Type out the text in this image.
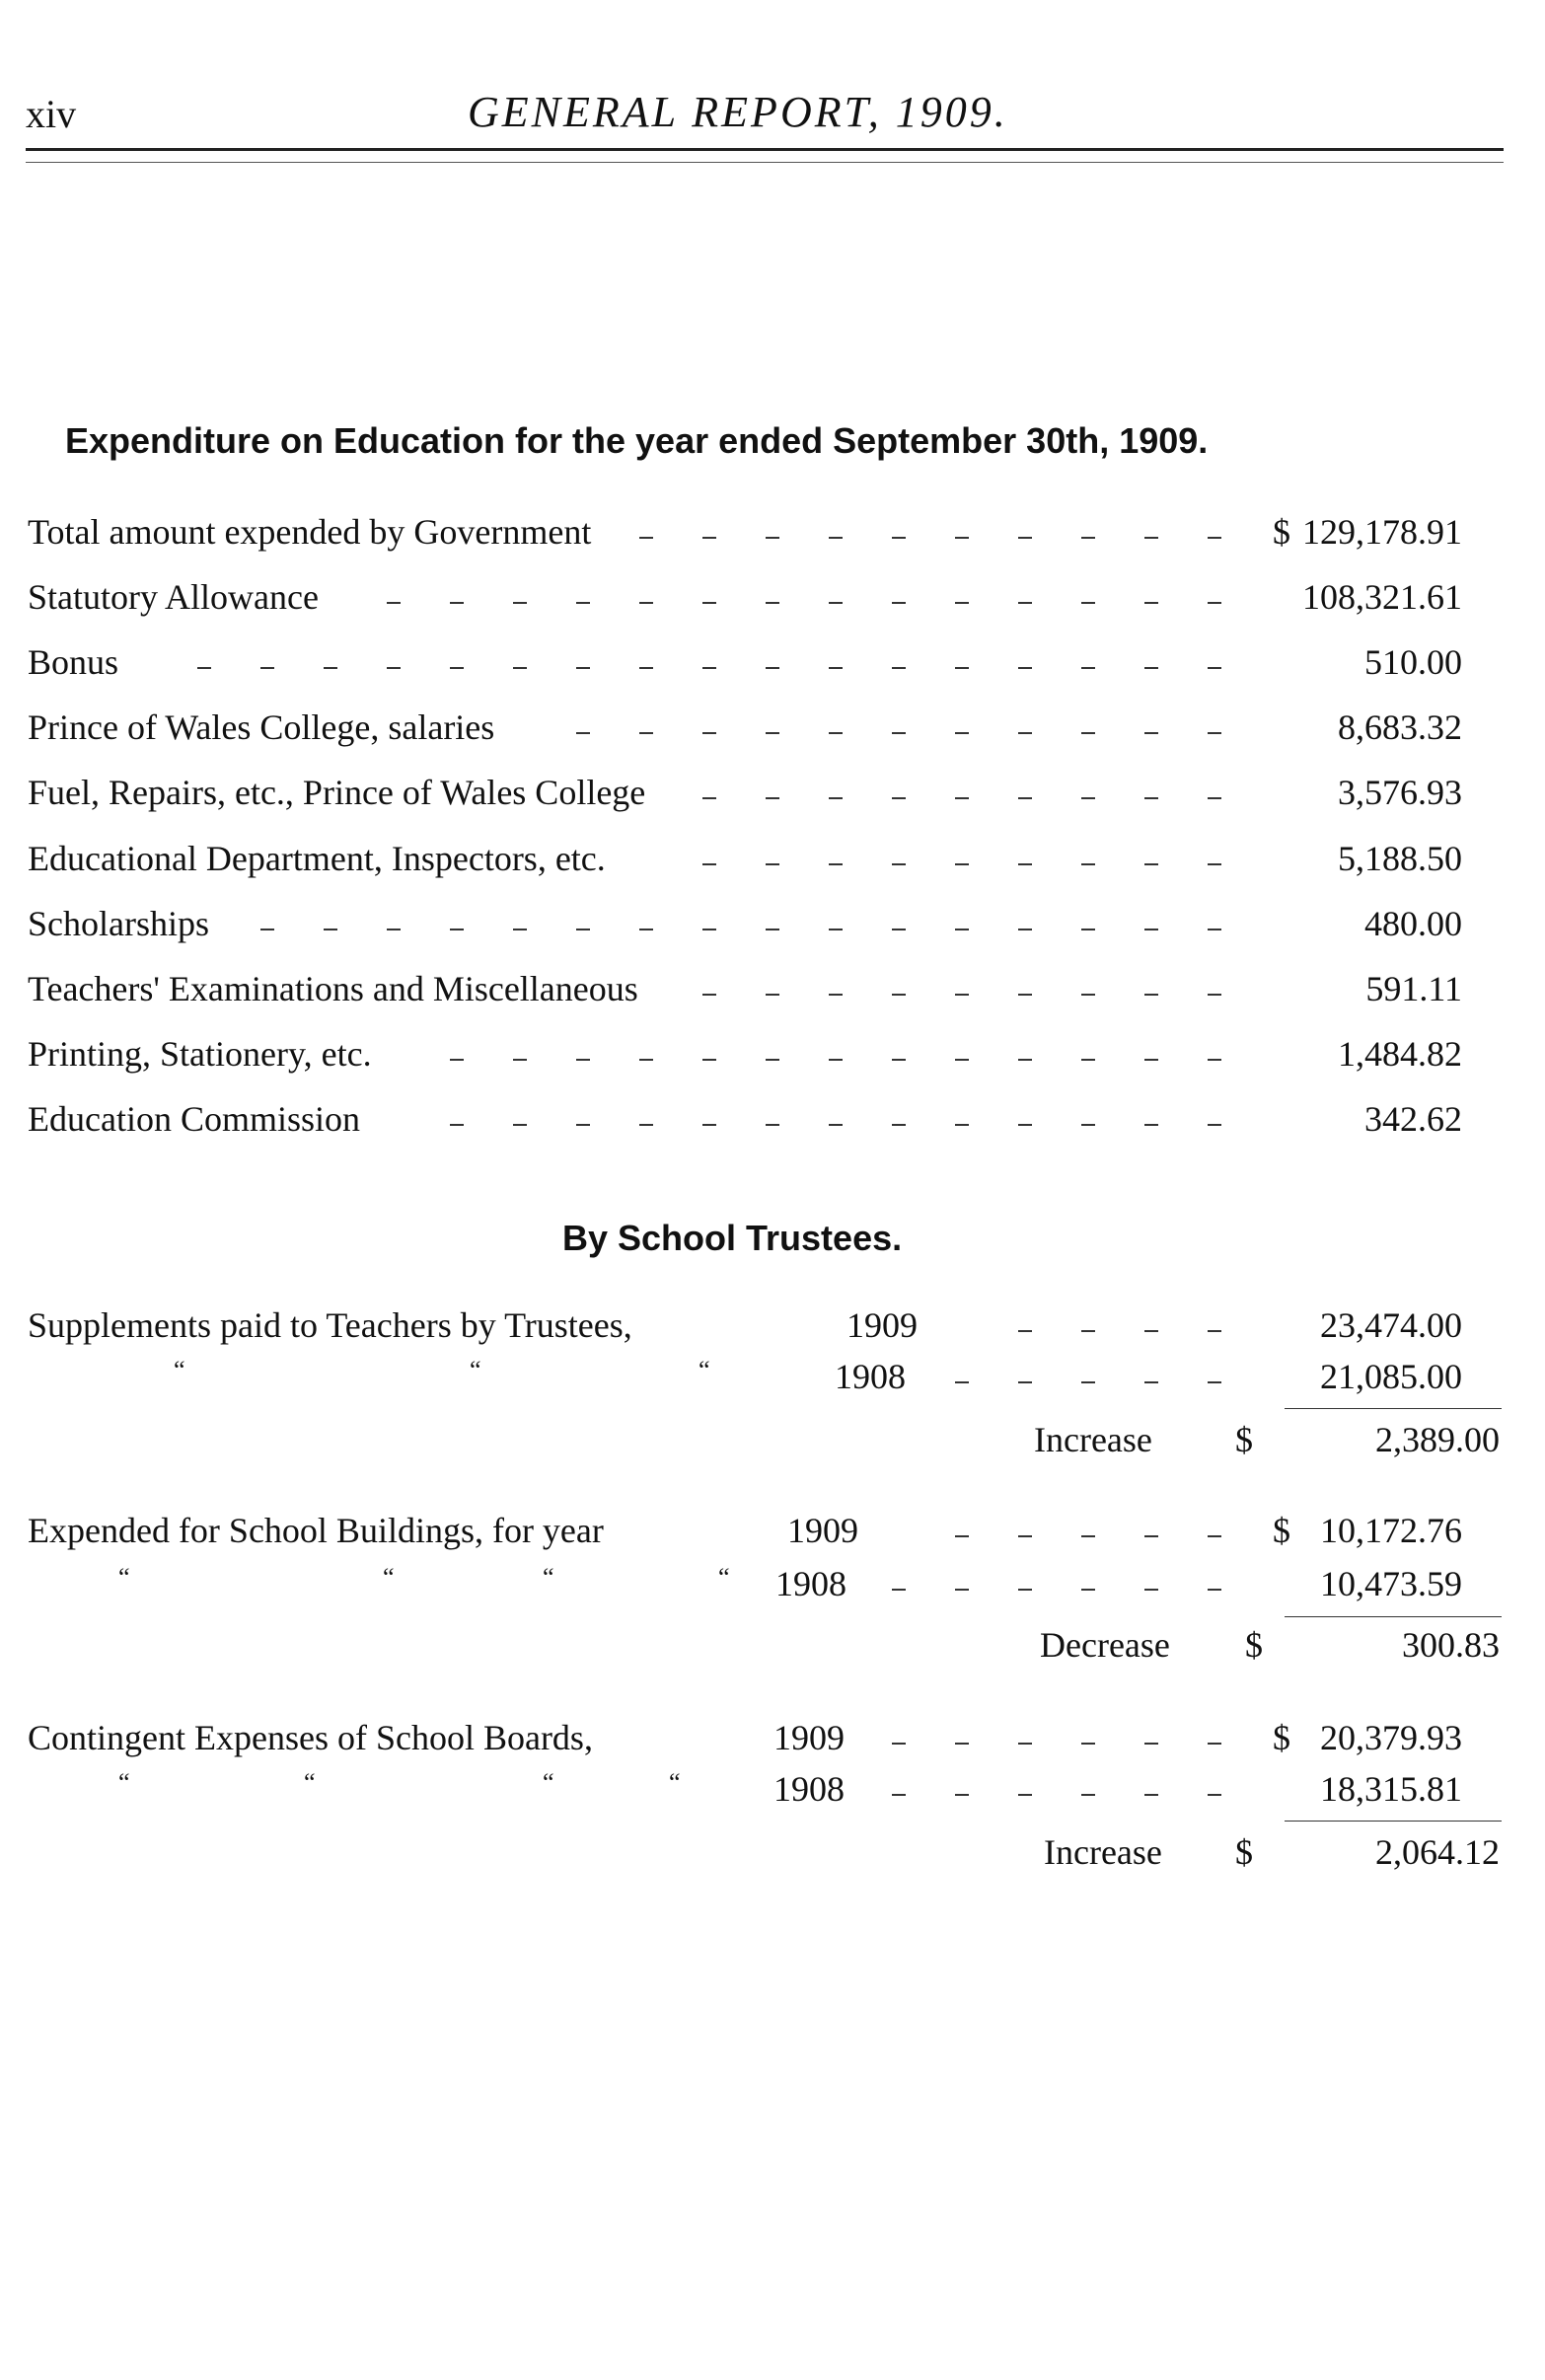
xiv	GENERAL REPORT, 1909.
Expenditure on Education for the year ended September 30th, 1909.
Total amount expended by Government	$ 129,178.91
Statutory Allowance	108,321.61
Bonus	510.00
Prince of Wales College, salaries	8,683.32
Fuel, Repairs, etc., Prince of Wales College	3,576.93
Educational Department, Inspectors, etc.	5,188.50
Scholarships	480.00
Teachers' Examinations and Miscellaneous	591.11
Printing, Stationery, etc.	1,484.82
Education Commission	342.62
By School Trustees.
Supplements paid to Teachers by Trustees,	1909	23,474.00
“	“	“	1908	21,085.00
Increase $	2,389.00
Expended for School Buildings, for year	1909	$ 10,172.76
“	“	“	“ 1908	10,473.59
Decrease $	300.83
Contingent Expenses of School Boards,	1909	$ 20,379.93
“	“	“	“	1908	18,315.81
Increase $	2,064.12
